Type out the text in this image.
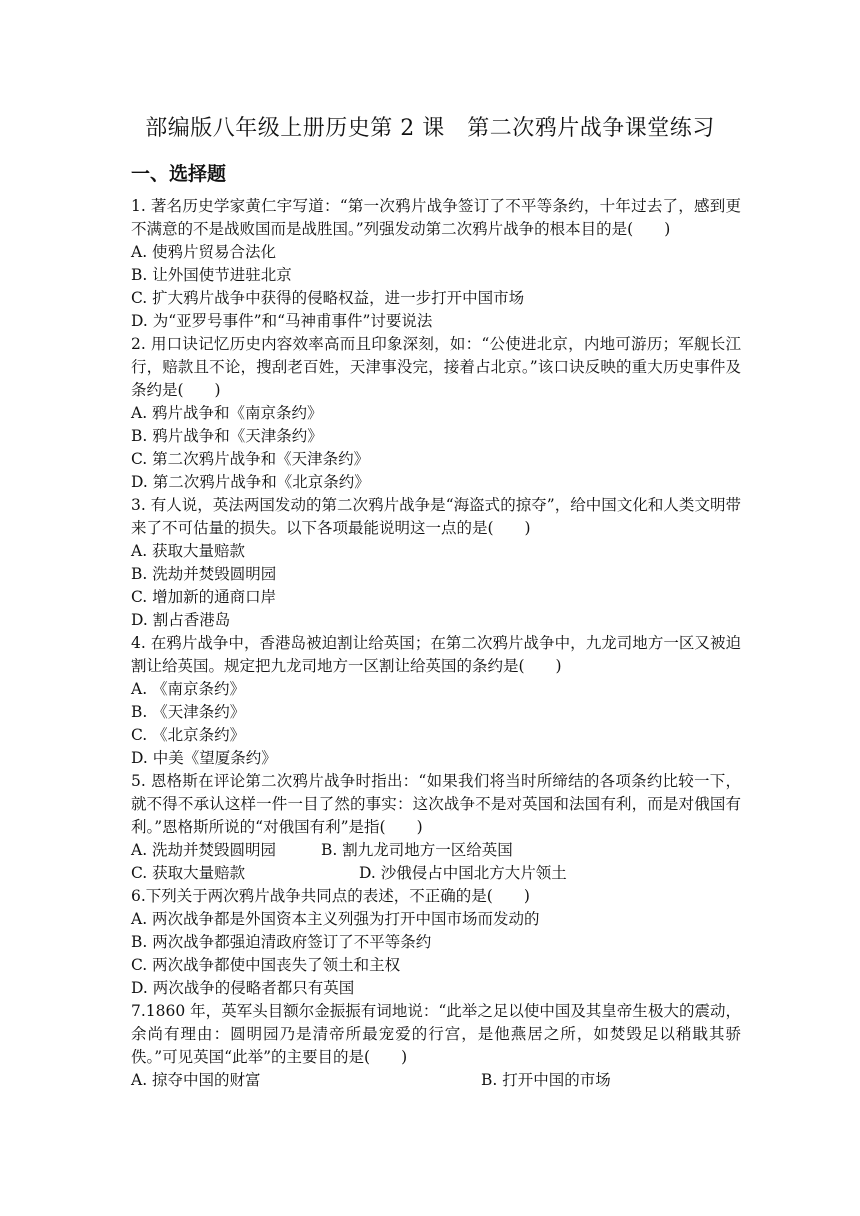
部编版八年级上册历史第 2 课　第二次鸦片战争课堂练习
一、选择题
1. 著名历史学家黄仁宇写道：“第一次鸦片战争签订了不平等条约，十年过去了，感到更不满意的不是战败国而是战胜国。”列强发动第二次鸦片战争的根本目的是(　　)
A. 使鸦片贸易合法化
B. 让外国使节进驻北京
C. 扩大鸦片战争中获得的侵略权益，进一步打开中国市场
D. 为“亚罗号事件”和“马神甫事件”讨要说法
2. 用口诀记忆历史内容效率高而且印象深刻，如：“公使进北京，内地可游历；军舰长江行，赔款且不论，搜刮老百姓，天津事没完，接着占北京。”该口诀反映的重大历史事件及条约是(　　)
A. 鸦片战争和《南京条约》
B. 鸦片战争和《天津条约》
C. 第二次鸦片战争和《天津条约》
D. 第二次鸦片战争和《北京条约》
3. 有人说，英法两国发动的第二次鸦片战争是“海盗式的掠夺”，给中国文化和人类文明带来了不可估量的损失。以下各项最能说明这一点的是(　　)
A. 获取大量赔款
B. 洗劫并焚毁圆明园
C. 增加新的通商口岸
D. 割占香港岛
4. 在鸦片战争中，香港岛被迫割让给英国；在第二次鸦片战争中，九龙司地方一区又被迫割让给英国。规定把九龙司地方一区割让给英国的条约是(　　)
A. 《南京条约》
B. 《天津条约》
C. 《北京条约》
D. 中美《望厦条约》
5. 恩格斯在评论第二次鸦片战争时指出：“如果我们将当时所缔结的各项条约比较一下，就不得不承认这样一件一目了然的事实：这次战争不是对英国和法国有利，而是对俄国有利。”恩格斯所说的“对俄国有利”是指(　　)
A. 洗劫并焚毁圆明园	B. 割九龙司地方一区给英国
C. 获取大量赔款	D. 沙俄侵占中国北方大片领土
6.下列关于两次鸦片战争共同点的表述，不正确的是(　　)
A. 两次战争都是外国资本主义列强为打开中国市场而发动的
B. 两次战争都强迫清政府签订了不平等条约
C. 两次战争都使中国丧失了领土和主权
D. 两次战争的侵略者都只有英国
7.1860 年，英军头目额尔金振振有词地说：“此举之足以使中国及其皇帝生极大的震动，余尚有理由：圆明园乃是清帝所最宠爱的行宫，是他燕居之所，如焚毁足以稍戢其骄佚。”可见英国“此举”的主要目的是(　　)
A. 掠夺中国的财富	B. 打开中国的市场
